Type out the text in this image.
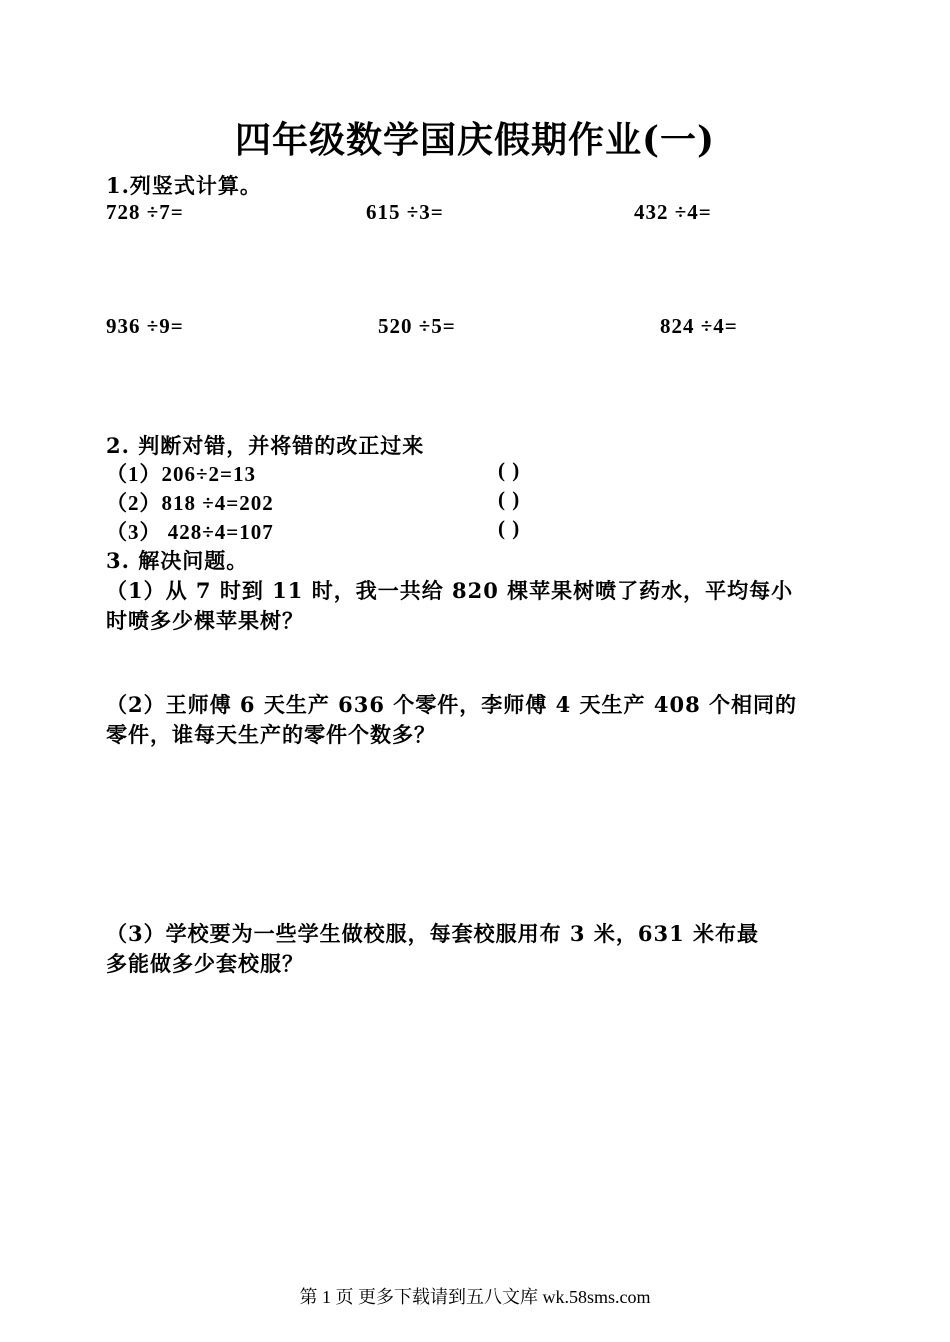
四年级数学国庆假期作业(一)
1.列竖式计算。
728 ÷7=	615 ÷3=	432 ÷4=
936 ÷9=	520 ÷5=	824 ÷4=
2. 判断对错，并将错的改正过来
（1）206÷2=13	( )
（2）818 ÷4=202	( )
（3） 428÷4=107	( )
3. 解决问题。
（1）从 7 时到 11 时，我一共给 820 棵苹果树喷了药水，平均每小
时喷多少棵苹果树？
（2）王师傅 6 天生产 636 个零件，李师傅 4 天生产 408 个相同的
零件，谁每天生产的零件个数多？
（3）学校要为一些学生做校服，每套校服用布 3 米，631 米布最
多能做多少套校服？
第 1 页 更多下载请到五八文库 wk.58sms.com
